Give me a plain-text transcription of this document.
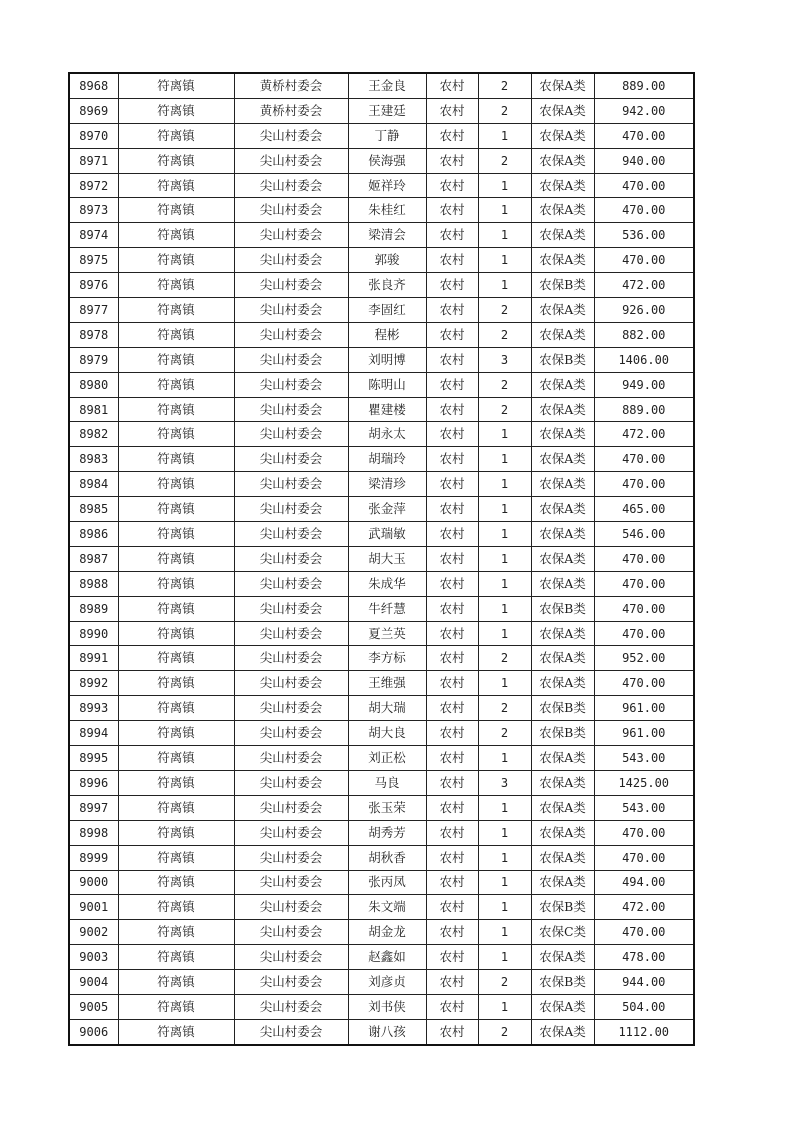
8968	符离镇	黄桥村委会	王金良	农村	2	农保A类	889.00
8969	符离镇	黄桥村委会	王建廷	农村	2	农保A类	942.00
8970	符离镇	尖山村委会	丁静	农村	1	农保A类	470.00
8971	符离镇	尖山村委会	侯海强	农村	2	农保A类	940.00
8972	符离镇	尖山村委会	姬祥玲	农村	1	农保A类	470.00
8973	符离镇	尖山村委会	朱桂红	农村	1	农保A类	470.00
8974	符离镇	尖山村委会	梁清会	农村	1	农保A类	536.00
8975	符离镇	尖山村委会	郭骏	农村	1	农保A类	470.00
8976	符离镇	尖山村委会	张良齐	农村	1	农保B类	472.00
8977	符离镇	尖山村委会	李固红	农村	2	农保A类	926.00
8978	符离镇	尖山村委会	程彬	农村	2	农保A类	882.00
8979	符离镇	尖山村委会	刘明博	农村	3	农保B类	1406.00
8980	符离镇	尖山村委会	陈明山	农村	2	农保A类	949.00
8981	符离镇	尖山村委会	瞿建楼	农村	2	农保A类	889.00
8982	符离镇	尖山村委会	胡永太	农村	1	农保A类	472.00
8983	符离镇	尖山村委会	胡瑞玲	农村	1	农保A类	470.00
8984	符离镇	尖山村委会	梁清珍	农村	1	农保A类	470.00
8985	符离镇	尖山村委会	张金萍	农村	1	农保A类	465.00
8986	符离镇	尖山村委会	武瑞敏	农村	1	农保A类	546.00
8987	符离镇	尖山村委会	胡大玉	农村	1	农保A类	470.00
8988	符离镇	尖山村委会	朱成华	农村	1	农保A类	470.00
8989	符离镇	尖山村委会	牛纤慧	农村	1	农保B类	470.00
8990	符离镇	尖山村委会	夏兰英	农村	1	农保A类	470.00
8991	符离镇	尖山村委会	李方标	农村	2	农保A类	952.00
8992	符离镇	尖山村委会	王维强	农村	1	农保A类	470.00
8993	符离镇	尖山村委会	胡大瑞	农村	2	农保B类	961.00
8994	符离镇	尖山村委会	胡大良	农村	2	农保B类	961.00
8995	符离镇	尖山村委会	刘正松	农村	1	农保A类	543.00
8996	符离镇	尖山村委会	马良	农村	3	农保A类	1425.00
8997	符离镇	尖山村委会	张玉荣	农村	1	农保A类	543.00
8998	符离镇	尖山村委会	胡秀芳	农村	1	农保A类	470.00
8999	符离镇	尖山村委会	胡秋香	农村	1	农保A类	470.00
9000	符离镇	尖山村委会	张丙凤	农村	1	农保A类	494.00
9001	符离镇	尖山村委会	朱文端	农村	1	农保B类	472.00
9002	符离镇	尖山村委会	胡金龙	农村	1	农保C类	470.00
9003	符离镇	尖山村委会	赵鑫如	农村	1	农保A类	478.00
9004	符离镇	尖山村委会	刘彦贞	农村	2	农保B类	944.00
9005	符离镇	尖山村委会	刘书侠	农村	1	农保A类	504.00
9006	符离镇	尖山村委会	谢八孩	农村	2	农保A类	1112.00
